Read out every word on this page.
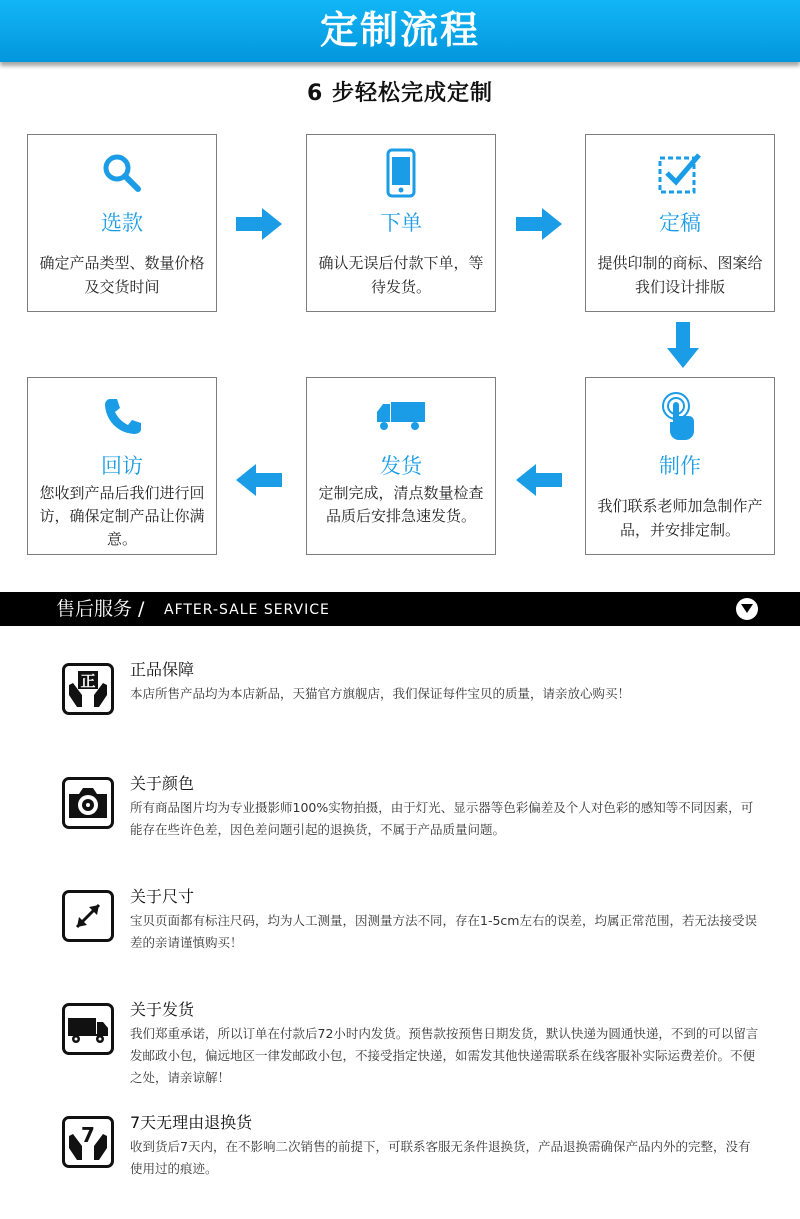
定制流程
6 步轻松完成定制
选款
确定产品类型、数量价格及交货时间
下单
确认无误后付款下单，等待发货。
定稿
提供印制的商标、图案给我们设计排版
制作
我们联系老师加急制作产品，并安排定制。
发货
定制完成，清点数量检查品质后安排急速发货。
回访
您收到产品后我们进行回访，确保定制产品让你满意。
售后服务 / AFTER-SALE SERVICE
正
正品保障
本店所售产品均为本店新品，天猫官方旗舰店，我们保证每件宝贝的质量，请亲放心购买！
关于颜色
所有商品图片均为专业摄影师100%实物拍摄，由于灯光、显示器等色彩偏差及个人对色彩的感知等不同因素，可能存在些许色差，因色差问题引起的退换货，不属于产品质量问题。
关于尺寸
宝贝页面都有标注尺码，均为人工测量，因测量方法不同，存在1-5cm左右的误差，均属正常范围，若无法接受误差的亲请谨慎购买！
关于发货
我们郑重承诺，所以订单在付款后72小时内发货。预售款按预售日期发货，默认快递为圆通快递，不到的可以留言发邮政小包，偏远地区一律发邮政小包，不接受指定快递，如需发其他快递需联系在线客服补实际运费差价。不便之处，请亲谅解！
7
7天无理由退换货
收到货后7天内，在不影响二次销售的前提下，可联系客服无条件退换货，产品退换需确保产品内外的完整，没有使用过的痕迹。
